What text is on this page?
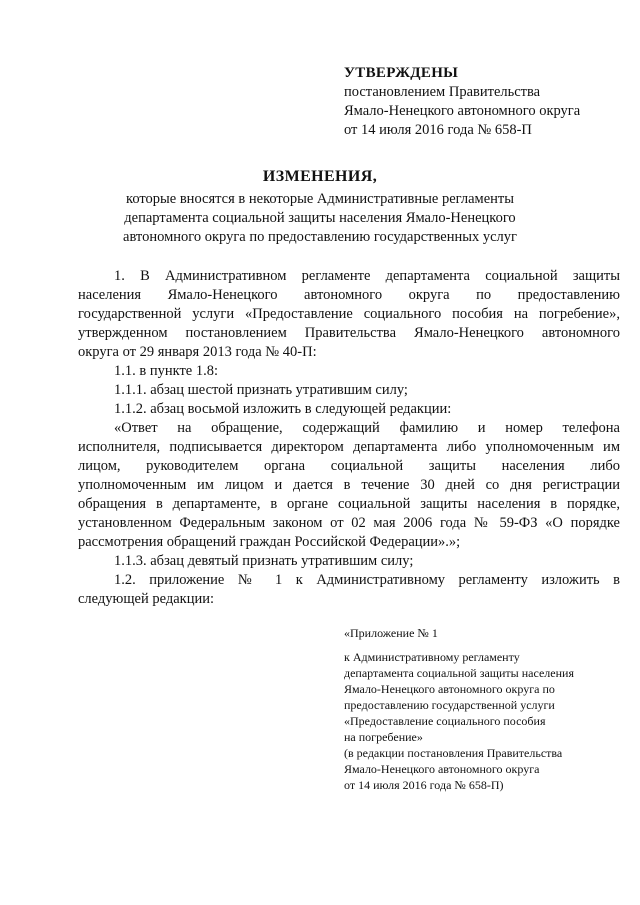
УТВЕРЖДЕНЫ
постановлением Правительства
Ямало-Ненецкого автономного округа
от 14 июля 2016 года № 658-П
ИЗМЕНЕНИЯ,
которые вносятся в некоторые Административные регламенты
департамента социальной защиты населения Ямало-Ненецкого
автономного округа по предоставлению государственных услуг
1. В Административном регламенте департамента социальной защиты
населения Ямало-Ненецкого автономного округа по предоставлению
государственной услуги «Предоставление социального пособия на погребение»,
утвержденном постановлением Правительства Ямало-Ненецкого автономного
округа от 29 января 2013 года № 40-П:
1.1. в пункте 1.8:
1.1.1. абзац шестой признать утратившим силу;
1.1.2. абзац восьмой изложить в следующей редакции:
«Ответ на обращение, содержащий фамилию и номер телефона
исполнителя, подписывается директором департамента либо уполномоченным им
лицом, руководителем органа социальной защиты населения либо
уполномоченным им лицом и дается в течение 30 дней со дня регистрации
обращения в департаменте, в органе социальной защиты населения в порядке,
установленном Федеральным законом от 02 мая 2006 года № 59-ФЗ «О порядке
рассмотрения обращений граждан Российской Федерации».»;
1.1.3. абзац девятый признать утратившим силу;
1.2. приложение № 1 к Административному регламенту изложить в
следующей редакции:
«Приложение № 1
к Административному регламенту
департамента социальной защиты населения
Ямало-Ненецкого автономного округа по
предоставлению государственной услуги
«Предоставление социального пособия
на погребение»
(в редакции постановления Правительства
Ямало-Ненецкого автономного округа
от 14 июля 2016 года № 658-П)
